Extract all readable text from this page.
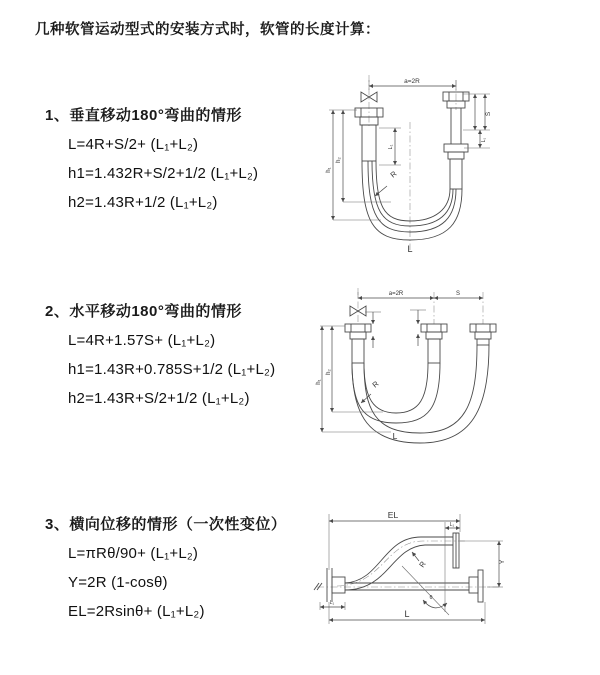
几种软管运动型式的安装方式时，软管的长度计算：
1、垂直移动180°弯曲的情形
L=4R+S/2+ (L₁+L₂)
h1=1.432R+S/2+1/2 (L₁+L₂)
h2=1.43R+1/2 (L₁+L₂)
2、水平移动180°弯曲的情形
L=4R+1.57S+ (L₁+L₂)
h1=1.43R+0.785S+1/2 (L₁+L₂)
h2=1.43R+S/2+1/2 (L₁+L₂)
3、横向位移的情形（一次性变位）
L=πRθ/90+ (L₁+L₂)
Y=2R (1-cosθ)
EL=2Rsinθ+ (L₁+L₂)
a=2R
h₁
h₂
L₁
S
L₁
R
L
a=2R	S
h₁
h₂
R
L
EL
L₁
Y
R
θ
L
L₁
